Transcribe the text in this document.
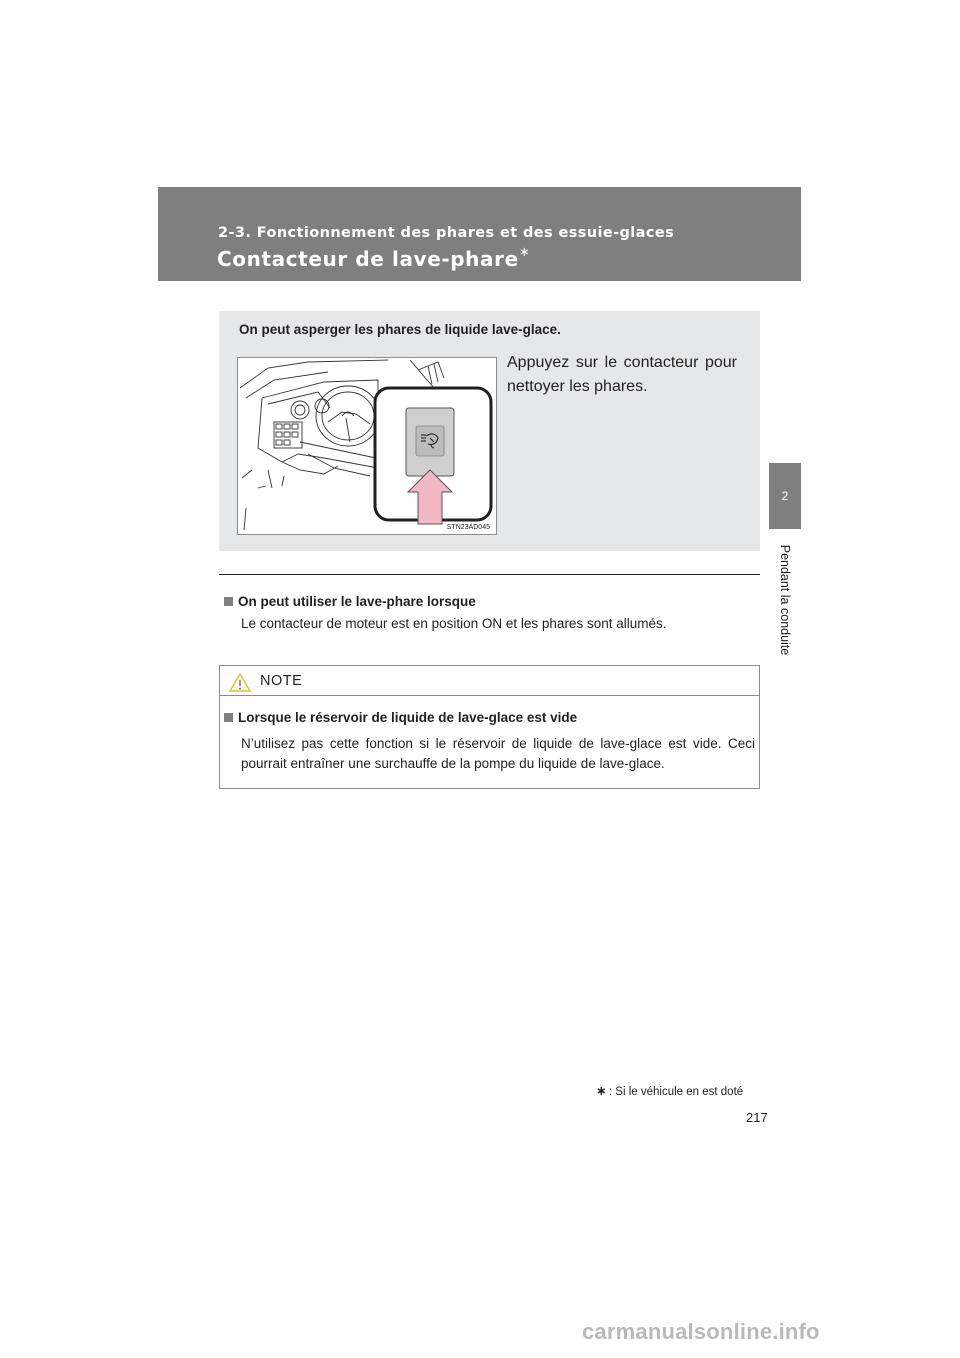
2-3. Fonctionnement des phares et des essuie-glaces
Contacteur de lave-phare∗
2
Pendant la conduite
On peut asperger les phares de liquide lave-glace.
STN23AD045
Appuyez sur le contacteur pour nettoyer les phares.
On peut utiliser le lave-phare lorsque
Le contacteur de moteur est en position ON et les phares sont allumés.
NOTE
Lorsque le réservoir de liquide de lave-glace est vide
N’utilisez pas cette fonction si le réservoir de liquide de lave-glace est vide. Ceci pourrait entraîner une surchauffe de la pompe du liquide de lave-glace.
∗ : Si le véhicule en est doté
217
carmanualsonline.info
